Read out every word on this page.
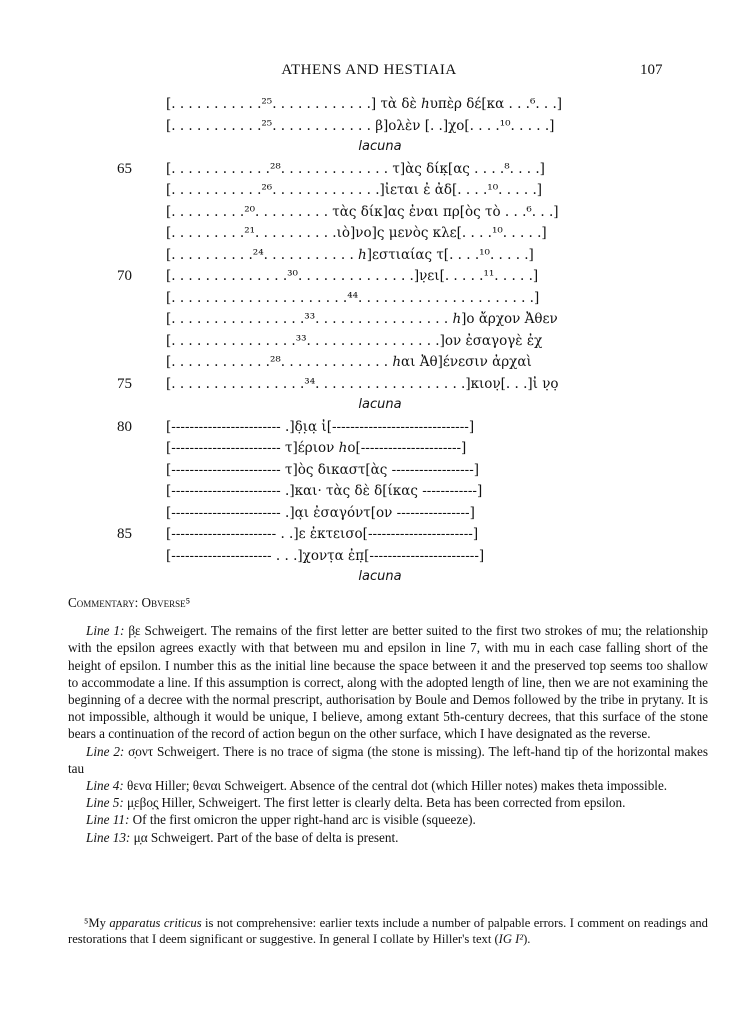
ATHENS AND HESTIAIA	107
[. . . . . . . . . . .²⁵. . . . . . . . . . . .] τὰ δὲ ℎυπὲρ δέ[κα . . .⁶. . .]
[. . . . . . . . . . .²⁵. . . . . . . . . . . . β]ολὲν [. .]χο[. . . .¹⁰. . . . .]
lacuna
65	[. . . . . . . . . . . .²⁸. . . . . . . . . . . . . τ]ὰς δίκ̣[ας . . . .⁸. . . .]
[. . . . . . . . . . .²⁶. . . . . . . . . . . . .]ἰεται ἐ ἀδ[. . . .¹⁰. . . . .]
[. . . . . . . . .²⁰. . . . . . . . . τὰς δίκ]ας ἐναι πρ[ὸς τὸ . . .⁶. . .]
[. . . . . . . . .²¹. . . . . . . . . .ιὸ]νο]ς μενὸς κλε[. . . .¹⁰. . . . .]
[. . . . . . . . . .²⁴. . . . . . . . . . . ℎ]εστιαίας τ[. . . .¹⁰. . . . .]
70	[. . . . . . . . . . . . . .³⁰. . . . . . . . . . . . . .]ν̣ει[. . . . .¹¹. . . . .]
[. . . . . . . . . . . . . . . . . . . . .⁴⁴. . . . . . . . . . . . . . . . . . . . .]
[. . . . . . . . . . . . . . . .³³. . . . . . . . . . . . . . . . ℎ]ο ἄρχον Ἀθεν
[. . . . . . . . . . . . . . .³³. . . . . . . . . . . . . . . .]ον ἐσαγογὲ ἐχ
[. . . . . . . . . . . .²⁸. . . . . . . . . . . . . ℎαι Ἀθ]ένεσιν ἀρχαὶ
75	[. . . . . . . . . . . . . . . .³⁴. . . . . . . . . . . . . . . . . .]κιον̣[. . .]ἰ ν̣ο̣
lacuna
80	[------------------------ .]δ̣ι̣α̣ ἰ[------------------------------]
[------------------------ τ]έριον ℎο[----------------------]
[------------------------ τ]ὸς δικαστ[ὰς ------------------]
[------------------------ .]και· τὰς δὲ δ[ίκας ------------]
[------------------------ .]α̣ι ἐσαγόντ[ον ----------------]
85	[----------------------- . .]ε ἐκτεισο[-----------------------]
[---------------------- . . .]χ̣οντ̣α ἐπ̣[------------------------]
lacuna
Commentary: Obverse⁵

Line 1: β̣ε Schweigert. The remains of the first letter are better suited to the first two strokes of mu; the relationship with the epsilon agrees exactly with that between mu and epsilon in line 7, with mu in each case falling short of the height of epsilon. I number this as the initial line because the space between it and the preserved top seems too shallow to accommodate a line. If this assumption is correct, along with the adopted length of line, then we are not examining the beginning of a decree with the normal prescript, authorisation by Boule and Demos followed by the tribe in prytany. It is not impossible, although it would be unique, I believe, among extant 5th-century decrees, that this surface of the stone bears a continuation of the record of action begun on the other surface, which I have designated as the reverse.

Line 2: σ̣οντ Schweigert. There is no trace of sigma (the stone is missing). The left-hand tip of the horizontal makes tau

Line 4: θενα Hiller; θεναι Schweigert. Absence of the central dot (which Hiller notes) makes theta impossible.

Line 5: μ̣εβο̣ς̣ Hiller, Schweigert. The first letter is clearly delta. Beta has been corrected from epsilon.

Line 11: Of the first omicron the upper right-hand arc is visible (squeeze).

Line 13: μ̣α Schweigert. Part of the base of delta is present.

⁵My apparatus criticus is not comprehensive: earlier texts include a number of palpable errors. I comment on readings and restorations that I deem significant or suggestive. In general I collate by Hiller's text (IG I²).
